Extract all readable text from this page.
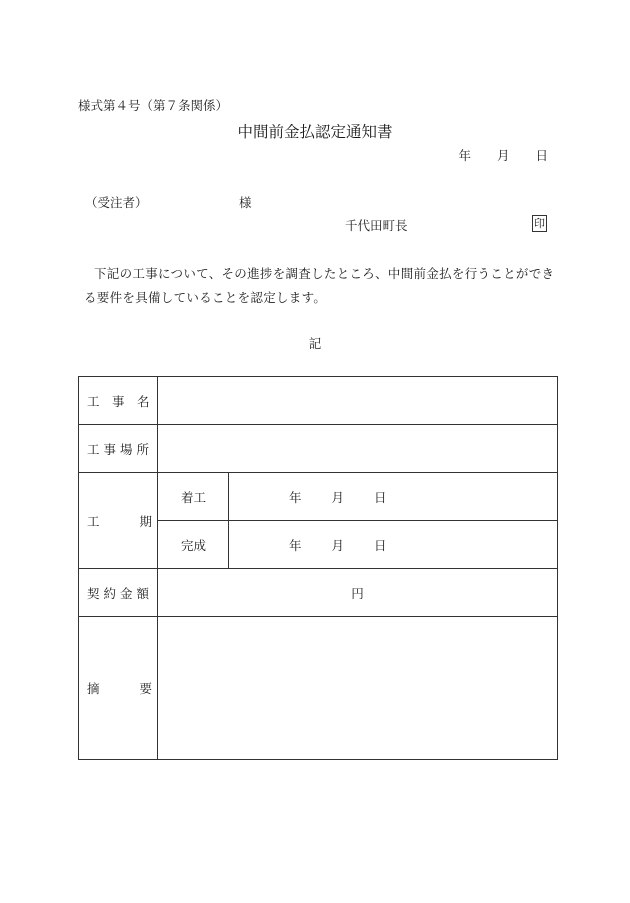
様式第４号（第７条関係）
中間前金払認定通知書
年 月 日
（受注者）	様
千代田町長	印
下記の工事について、その進捗を調査したところ、中間前金払を行うことができる要件を具備していることを認定します。
記
工　事　名		
工事場所		
工 期	着工	年 月 日
	完成	年 月 日
契約金額	円	
摘 要		
